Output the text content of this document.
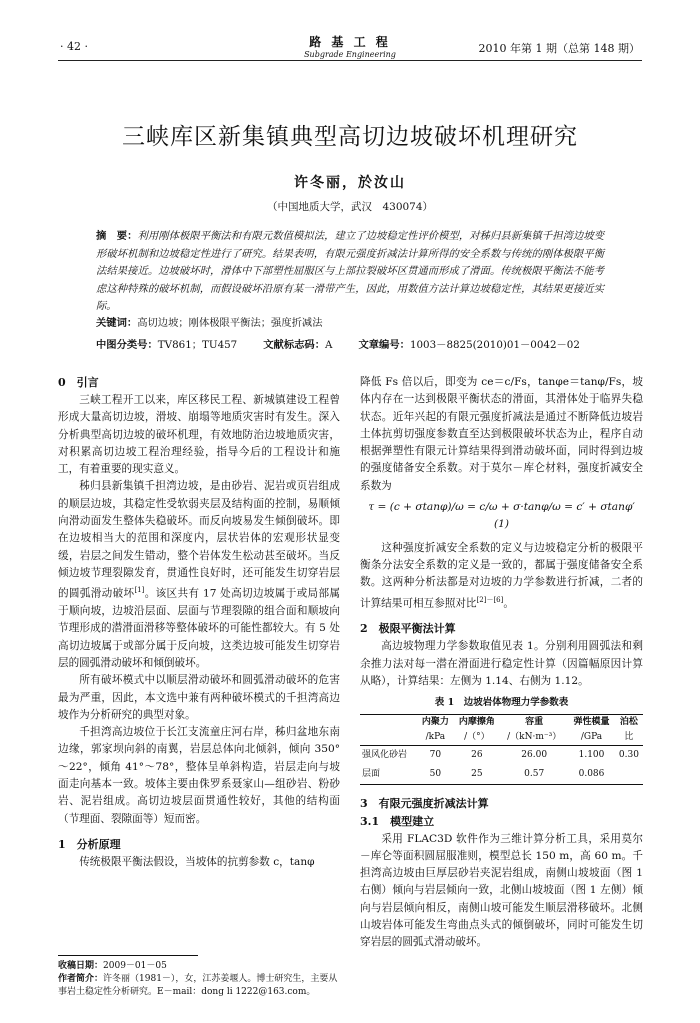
· 42 ·	路 基 工 程
Subgrade Engineering	2010 年第 1 期（总第 148 期）
三峡库区新集镇典型高切边坡破坏机理研究
许冬丽，於汝山
（中国地质大学，武汉　430074）
摘　要：利用刚体极限平衡法和有限元数值模拟法，建立了边坡稳定性评价模型，对秭归县新集镇千担湾边坡变形破坏机制和边坡稳定性进行了研究。结果表明，有限元强度折减法计算所得的安全系数与传统的刚体极限平衡法结果接近。边坡破坏时，滑体中下部塑性屈服区与上部拉裂破坏区贯通而形成了滑面。传统极限平衡法不能考虑这种特殊的破坏机制，而假设破坏沿原有某一滑带产生，因此，用数值方法计算边坡稳定性，其结果更接近实际。
关键词：高切边坡；刚体极限平衡法；强度折减法
中图分类号：TV861；TU457	文献标志码：A	文章编号：1003－8825(2010)01－0042－02
0　引言

三峡工程开工以来，库区移民工程、新城镇建设工程曾形成大量高切边坡，滑坡、崩塌等地质灾害时有发生。深入分析典型高切边坡的破坏机理，有效地防治边坡地质灾害，对积累高切边坡工程治理经验，指导今后的工程设计和施工，有着重要的现实意义。

秭归县新集镇千担湾边坡，是由砂岩、泥岩或页岩组成的顺层边坡，其稳定性受软弱夹层及结构面的控制，易顺倾向滑动面发生整体失稳破坏。而反向坡易发生倾倒破坏。即在边坡相当大的范围和深度内，层状岩体的宏观形状显变缓，岩层之间发生错动，整个岩体发生松动甚至破坏。当反倾边坡节理裂隙发育，贯通性良好时，还可能发生切穿岩层的圆弧滑动破坏[1]。该区共有 17 处高切边坡属于或局部属于顺向坡，边坡沿层面、层面与节理裂隙的组合面和顺坡向节理形成的潜滑面滑移等整体破坏的可能性都较大。有 5 处高切边坡属于或部分属于反向坡，这类边坡可能发生切穿岩层的圆弧滑动破坏和倾倒破坏。

所有破坏模式中以顺层滑动破坏和圆弧滑动破坏的危害最为严重，因此，本文选中兼有两种破坏模式的千担湾高边坡作为分析研究的典型对象。

千担湾高边坡位于长江支流童庄河右岸，秭归盆地东南边缘，郭家坝向斜的南翼，岩层总体向北倾斜，倾向 350°～22°，倾角 41°～78°，整体呈单斜构造，岩层走向与坡面走向基本一致。坡体主要由侏罗系聂家山—组砂岩、粉砂岩、泥岩组成。高切边坡层面贯通性较好，其他的结构面（节理面、裂隙面等）短而密。

1　分析原理

传统极限平衡法假设，当坡体的抗剪参数 c，tanφ

收稿日期：2009－01－05

作者简介：许冬丽（1981－），女，江苏姜堰人。博士研究生，主要从事岩土稳定性分析研究。E－mail：dong li 1222@163.com。

降低 Fs 倍以后，即变为 ce＝c/Fs，tanφe＝tanφ/Fs，坡体内存在一达到极限平衡状态的滑面，其滑体处于临界失稳状态。近年兴起的有限元强度折减法是通过不断降低边坡岩土体抗剪切强度参数直至达到极限破坏状态为止，程序自动根据弹塑性有限元计算结果得到滑动破坏面，同时得到边坡的强度储备安全系数。对于莫尔－库仑材料，强度折减安全系数为

τ = (c + σtanφ)/ω = c/ω + σ·tanφ/ω = c′ + σtanφ′　(1)

这种强度折减安全系数的定义与边坡稳定分析的极限平衡条分法安全系数的定义是一致的，都属于强度储备安全系数。这两种分析法都是对边坡的力学参数进行折减，二者的计算结果可相互参照对比[2]－[6]。

2　极限平衡法计算

高边坡物理力学参数取值见表 1。分别利用圆弧法和剩余推力法对每一潜在滑面进行稳定性计算（因篇幅原因计算从略），计算结果：左侧为 1.14、右侧为 1.12。

表 1　边坡岩体物理力学参数表
	内聚力	内摩擦角	容重	弹性模量	泊松
	/kPa	/（°）	/（kN·m⁻³）	/GPa	比
强风化砂岩	70	26	26.00	1.100	0.30
层面	50	25	0.57	0.086	
3　有限元强度折减法计算
3.1　模型建立

采用 FLAC3D 软件作为三维计算分析工具，采用莫尔－库仑等面积圆屈服准则，模型总长 150 m，高 60 m。千担湾高边坡由巨厚层砂岩夹泥岩组成，南侧山坡坡面（图 1 右侧）倾向与岩层倾向一致，北侧山坡坡面（图 1 左侧）倾向与岩层倾向相反，南侧山坡可能发生顺层滑移破坏。北侧山坡岩体可能发生弯曲点头式的倾倒破坏，同时可能发生切穿岩层的圆弧式滑动破坏。
